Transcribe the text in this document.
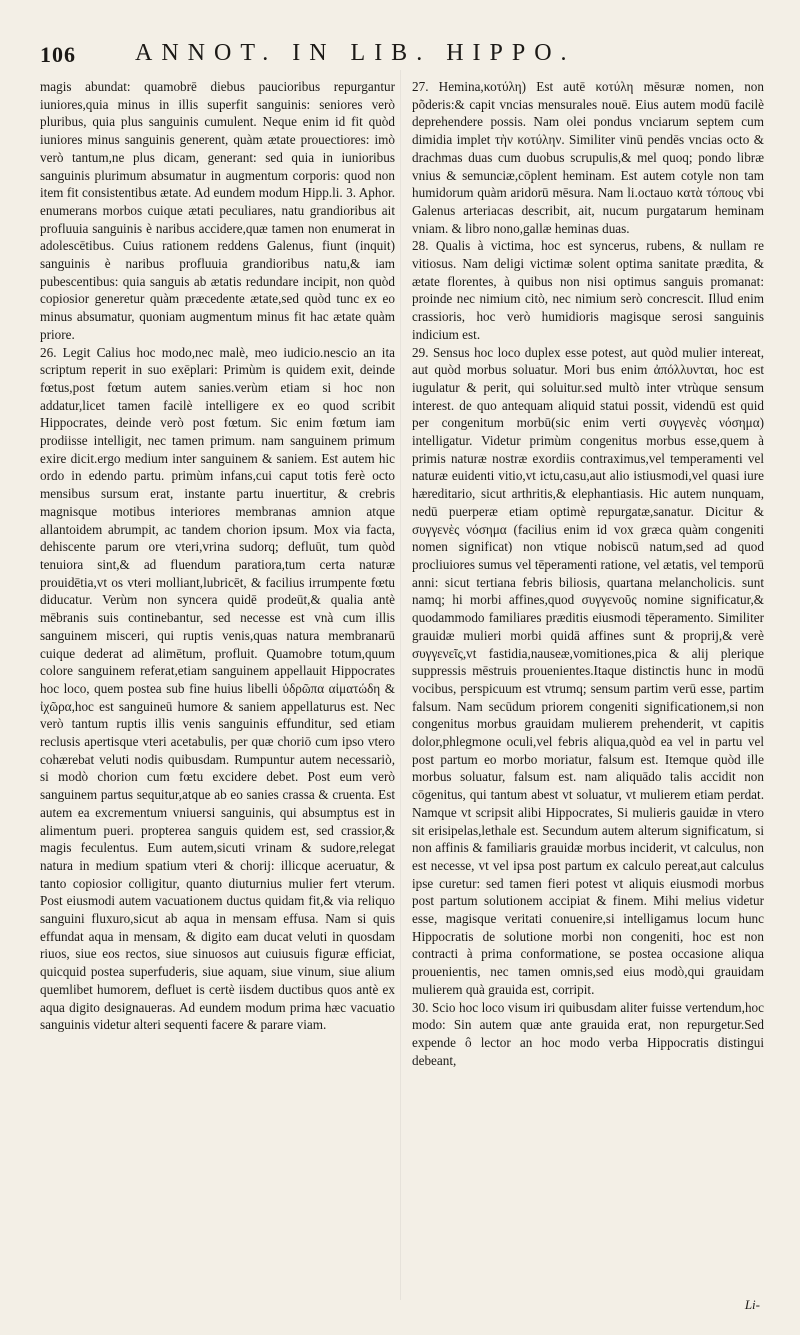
106 ANNOT. IN LIB. HIPPO.

magis abundat: quamobrē diebus paucioribus repurgantur iuniores,quia minus in illis superfit sanguinis: seniores verò pluribus, quia plus sanguinis cumulent. Neque enim id fit quòd iuniores minus sanguinis generent, quàm ætate prouectiores: imò verò tantum,ne plus dicam, generant: sed quia in iunioribus sanguinis plurimum absumatur in augmentum corporis: quod non item fit consistentibus ætate. Ad eundem modum Hipp.li. 3. Aphor. enumerans morbos cuique ætati peculiares, natu grandioribus ait profluuia sanguinis è naribus accidere,quæ tamen non enumerat in adolescētibus. Cuius rationem reddens Galenus, fiunt (inquit) sanguinis è naribus profluuia grandioribus natu,& iam pubescentibus: quia sanguis ab ætatis redundare incipit, non quòd copiosior generetur quàm præcedente ætate,sed quòd tunc ex eo minus absumatur, quoniam augmentum minus fit hac ætate quàm priore.

26. Legit Calius hoc modo,nec malè, meo iudicio.nescio an ita scriptum reperit in suo exēplari: Primùm is quidem exit, deinde fœtus,post fœtum autem sanies.verùm etiam si hoc non addatur,licet tamen facilè intelligere ex eo quod scribit Hippocrates, deinde verò post fœtum. Sic enim fœtum iam prodiisse intelligit, nec tamen primum. nam sanguinem primum exire dicit.ergo medium inter sanguinem & saniem. Est autem hic ordo in edendo partu. primùm infans,cui caput totis ferè octo mensibus sursum erat, instante partu inuertitur, & crebris magnisque motibus interiores membranas amnion atque allantoidem abrumpit, ac tandem chorion ipsum. Mox via facta, dehiscente parum ore vteri,vrina sudorq; defluūt, tum quòd tenuiora sint,& ad fluendum paratiora,tum certa naturæ prouidētia,vt os vteri molliant,lubricēt, & facilius irrumpente fœtu diducatur. Verùm non syncera quidē prodeūt,& qualia antè mēbranis suis continebantur, sed necesse est vnà cum illis sanguinem misceri, qui ruptis venis,quas natura membranarū cuique dederat ad alimētum, profluit. Quamobre totum,quum colore sanguinem referat,etiam sanguinem appellauit Hippocrates hoc loco, quem postea sub fine huius libelli ὑδρῶπα αἱματώδη & ἰχῶρα,hoc est sanguineū humore & saniem appellaturus est. Nec verò tantum ruptis illis venis sanguinis effunditur, sed etiam reclusis apertisque vteri acetabulis, per quæ choriō cum ipso vtero cohærebat veluti nodis quibusdam. Rumpuntur autem necessariò, si modò chorion cum fœtu excidere debet. Post eum verò sanguinem partus sequitur,atque ab eo sanies crassa & cruenta. Est autem ea excrementum vniuersi sanguinis, qui absumptus est in alimentum pueri. propterea sanguis quidem est, sed crassior,& magis feculentus. Eum autem,sicuti vrinam & sudore,relegat natura in medium spatium vteri & chorij: illicque aceruatur, & tanto copiosior colligitur, quanto diuturnius mulier fert vterum. Post eiusmodi autem vacuationem ductus quidam fit,& via reliquo sanguini fluxuro,sicut ab aqua in mensam effusa. Nam si quis effundat aqua in mensam, & digito eam ducat veluti in quosdam riuos, siue eos rectos, siue sinuosos aut cuiusuis figuræ efficiat, quicquid postea superfuderis, siue aquam, siue vinum, siue alium quemlibet humorem, defluet is certè iisdem ductibus quos antè ex aqua digito designaueras. Ad eundem modum prima hæc vacuatio sanguinis videtur alteri sequenti facere & parare viam.

27. Hemina,κοτύλη) Est autē κοτύλη mēsuræ nomen, non põderis:& capit vncias mensurales nouē. Eius autem modū facilè deprehendere possis. Nam olei pondus vnciarum septem cum dimidia implet τὴν κοτύλην. Similiter vinū pendēs vncias octo & drachmas duas cum duobus scrupulis,& mel quoq; pondo libræ vnius & semunciæ,cōplent heminam. Est autem cotyle non tam humidorum quàm aridorū mēsura. Nam li.octauo κατὰ τόπους vbi Galenus arteriacas describit, ait, nucum purgatarum heminam vniam. & libro nono,gallæ heminas duas.

28. Qualis à victima, hoc est syncerus, rubens, & nullam re vitiosus. Nam deligi victimæ solent optima sanitate prædita, & ætate florentes, à quibus non nisi optimus sanguis promanat: proinde nec nimium citò, nec nimium serò concrescit. Illud enim crassioris, hoc verò humidioris magisque serosi sanguinis indicium est.

29. Sensus hoc loco duplex esse potest, aut quòd mulier intereat, aut quòd morbus soluatur. Mori bus enim ἀπόλλυνται, hoc est iugulatur & perit, qui soluitur.sed multò inter vtrùque sensum interest. de quo antequam aliquid statui possit, videndū est quid per congenitum morbū(sic enim verti συγγενὲς νόσημα) intelligatur. Videtur primùm congenitus morbus esse,quem à primis naturæ nostræ exordiis contraximus,vel temperamenti vel naturæ euidenti vitio,vt ictu,casu,aut alio istiusmodi,vel quasi iure hæreditario, sicut arthritis,& elephantiasis. Hic autem nunquam, nedū puerperæ etiam optimè repurgatæ,sanatur. Dicitur & συγγενὲς νόσημα (facilius enim id vox græca quàm congeniti nomen significat) non vtique nobiscū natum,sed ad quod procliuiores sumus vel tēperamenti ratione, vel ætatis, vel temporū anni: sicut tertiana febris biliosis, quartana melancholicis. sunt namq; hi morbi affines,quod συγγενοῦς nomine significatur,& quodammodo familiares præditis eiusmodi tēperamento. Similiter grauidæ mulieri morbi quidā affines sunt & proprij,& verè συγγενεῖς,vt fastidia,nauseæ,vomitiones,pica & alij plerique suppressis mēstruis prouenientes.Itaque distinctis hunc in modū vocibus, perspicuum est vtrumq; sensum partim verū esse, partim falsum. Nam secūdum priorem congeniti significationem,si non congenitus morbus grauidam mulierem prehenderit, vt capitis dolor,phlegmone oculi,vel febris aliqua,quòd ea vel in partu vel post partum eo morbo moriatur, falsum est. Itemque quòd ille morbus soluatur, falsum est. nam aliquādo talis accidit non cōgenitus, qui tantum abest vt soluatur, vt mulierem etiam perdat. Namque vt scripsit alibi Hippocrates, Si mulieris gauidæ in vtero sit erisipelas,lethale est. Secundum autem alterum significatum, si non affinis & familiaris grauidæ morbus inciderit, vt calculus, non est necesse, vt vel ipsa post partum ex calculo pereat,aut calculus ipse curetur: sed tamen fieri potest vt aliquis eiusmodi morbus post partum solutionem accipiat & finem. Mihi melius videtur esse, magisque veritati conuenire,si intelligamus locum hunc Hippocratis de solutione morbi non congeniti, hoc est non contracti à prima conformatione, se postea occasione aliqua prouenientis, nec tamen omnis,sed eius modò,qui grauidam mulierem quà grauida est, corripit.

30. Scio hoc loco visum iri quibusdam aliter fuisse vertendum,hoc modo: Sin autem quæ ante grauida erat, non repurgetur.Sed expende ô lector an hoc modo verba Hippocratis distingui debeant,

Li-
